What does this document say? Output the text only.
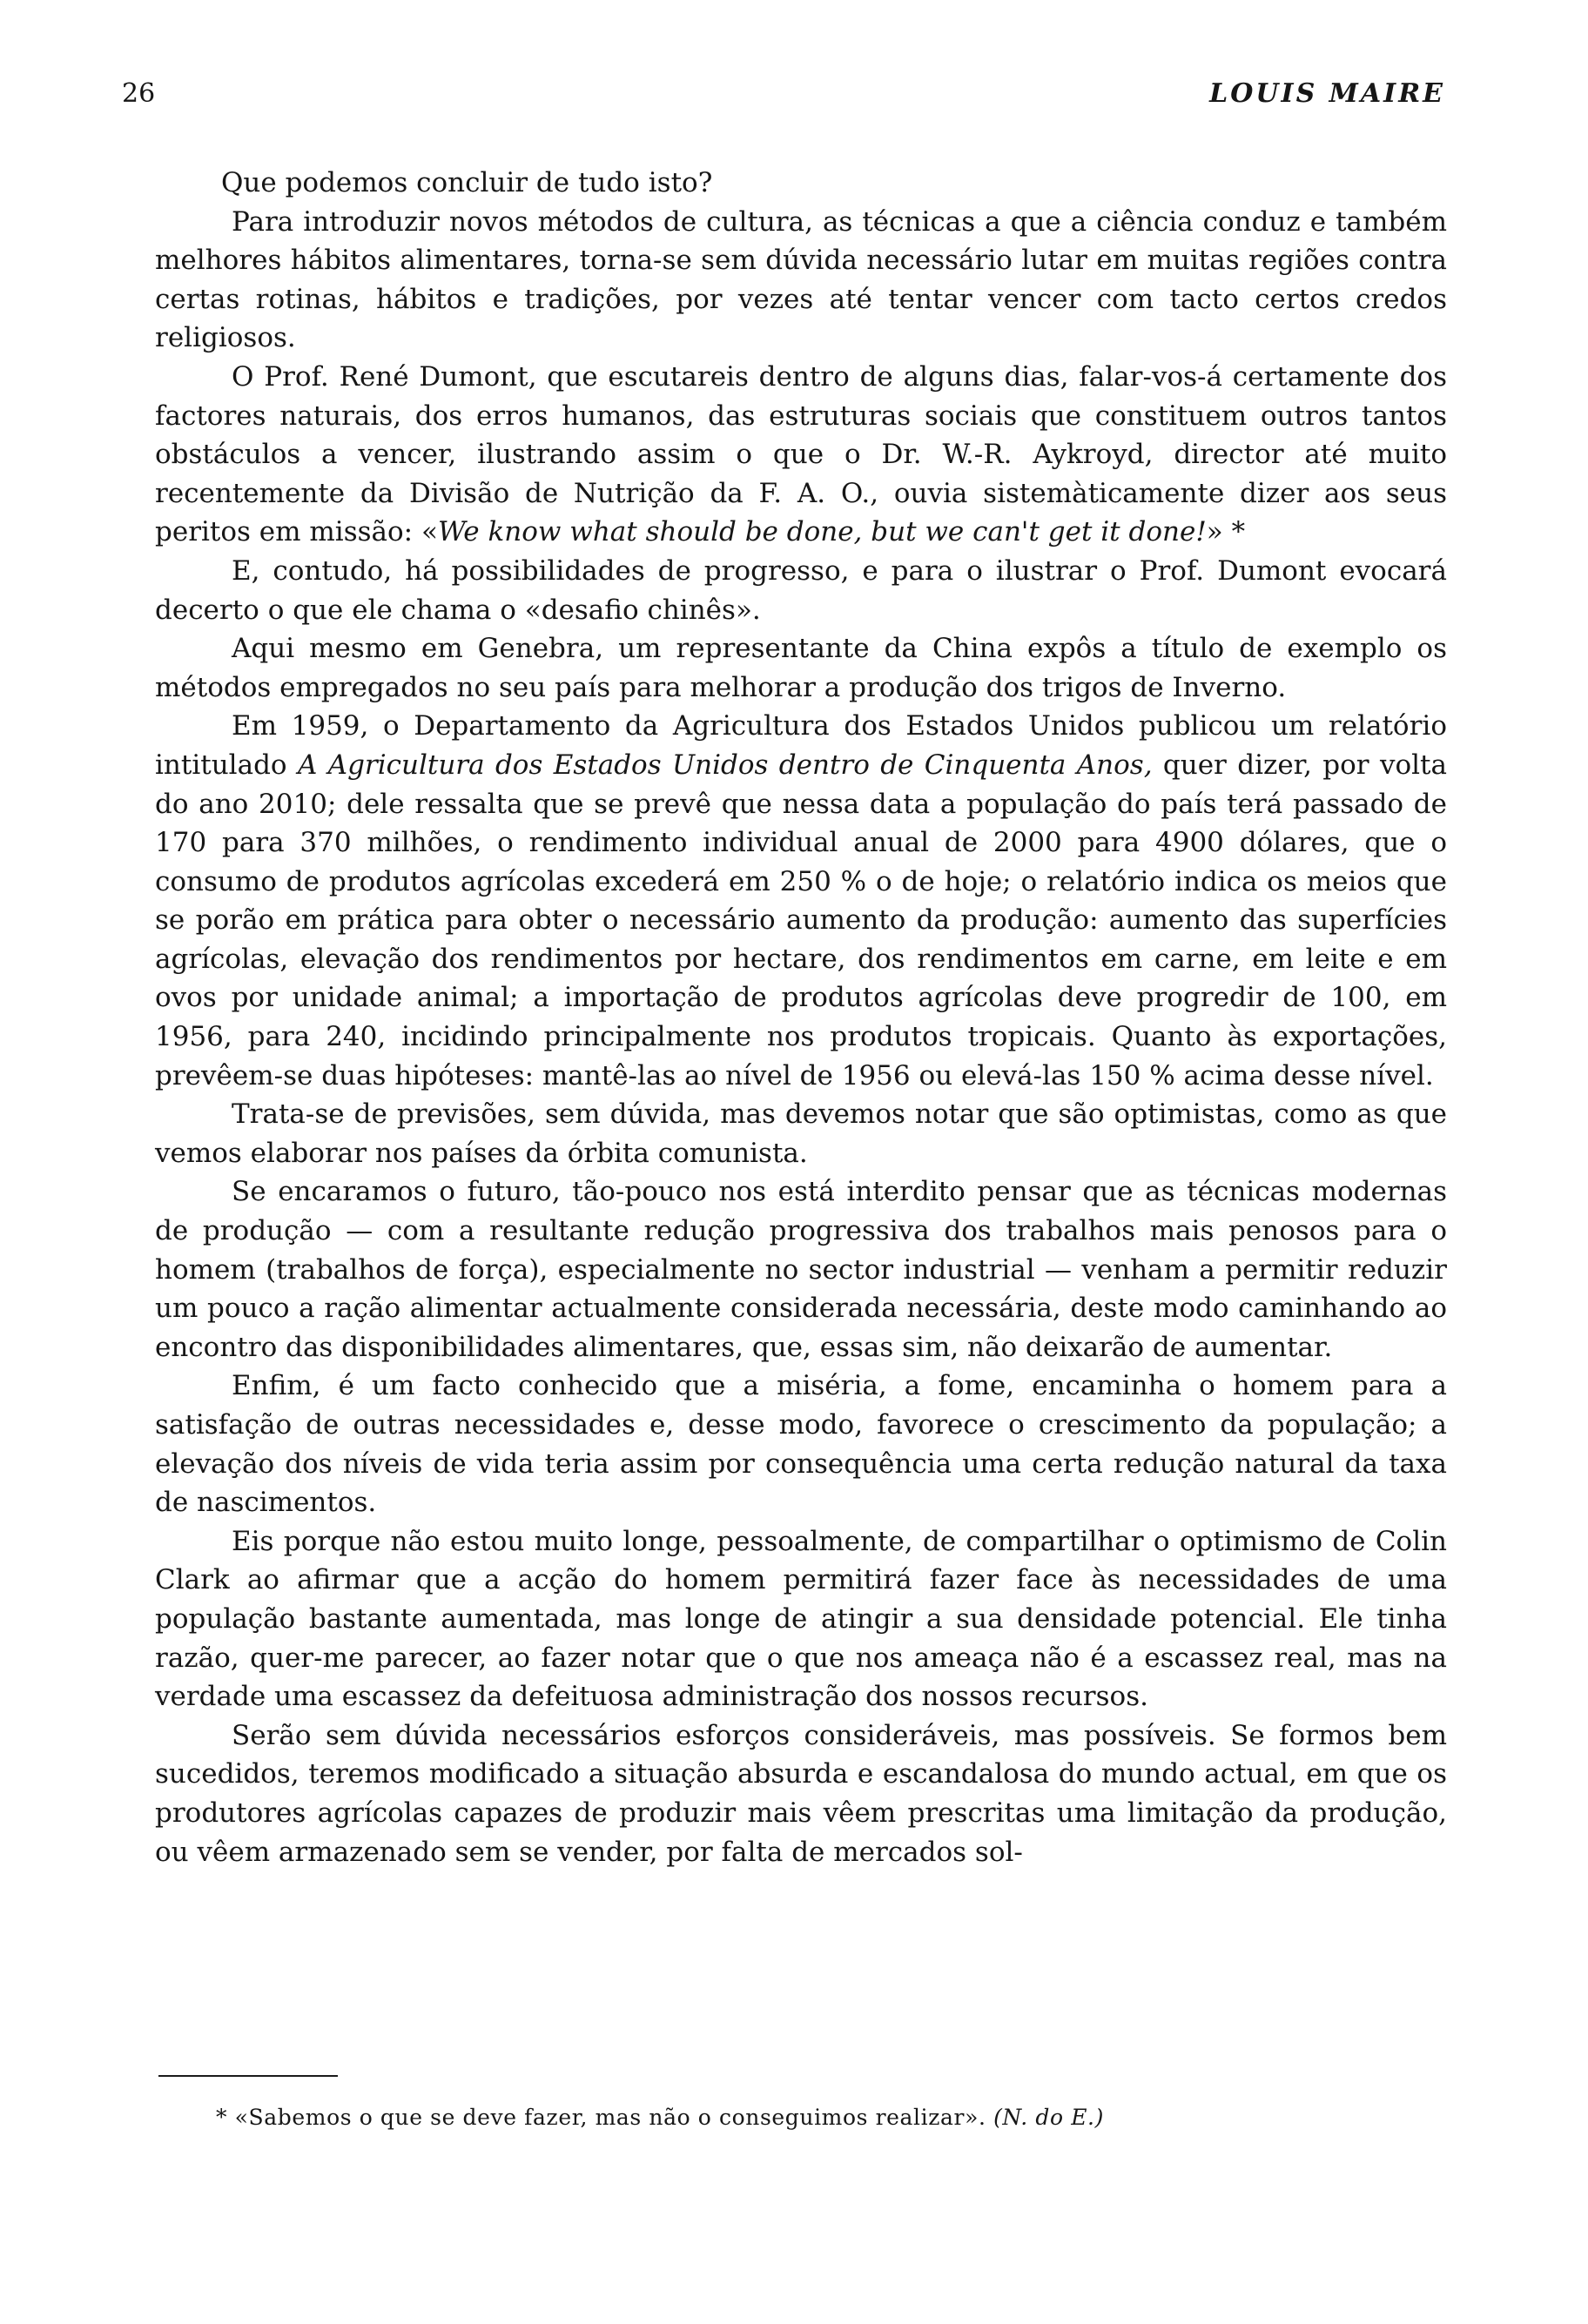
26	LOUIS MAIRE

Que podemos concluir de tudo isto?

Para introduzir novos métodos de cultura, as técnicas a que a ciência conduz e também melhores hábitos alimentares, torna-se sem dúvida necessário lutar em muitas regiões contra certas rotinas, hábitos e tradições, por vezes até tentar vencer com tacto certos credos religiosos.

O Prof. René Dumont, que escutareis dentro de alguns dias, falar-vos-á certamente dos factores naturais, dos erros humanos, das estruturas sociais que constituem outros tantos obstáculos a vencer, ilustrando assim o que o Dr. W.-R. Aykroyd, director até muito recentemente da Divisão de Nutrição da F. A. O., ouvia sistemàticamente dizer aos seus peritos em missão: «We know what should be done, but we can't get it done!» *

E, contudo, há possibilidades de progresso, e para o ilustrar o Prof. Dumont evocará decerto o que ele chama o «desafio chinês».

Aqui mesmo em Genebra, um representante da China expôs a título de exemplo os métodos empregados no seu país para melhorar a produção dos trigos de Inverno.

Em 1959, o Departamento da Agricultura dos Estados Unidos publicou um relatório intitulado A Agricultura dos Estados Unidos dentro de Cinquenta Anos, quer dizer, por volta do ano 2010; dele ressalta que se prevê que nessa data a população do país terá passado de 170 para 370 milhões, o rendimento individual anual de 2000 para 4900 dólares, que o consumo de produtos agrícolas excederá em 250 % o de hoje; o relatório indica os meios que se porão em prática para obter o necessário aumento da produção: aumento das superfícies agrícolas, elevação dos rendimentos por hectare, dos rendimentos em carne, em leite e em ovos por unidade animal; a importação de produtos agrícolas deve progredir de 100, em 1956, para 240, incidindo principalmente nos produtos tropicais. Quanto às exportações, prevêem-se duas hipóteses: mantê-las ao nível de 1956 ou elevá-las 150 % acima desse nível.

Trata-se de previsões, sem dúvida, mas devemos notar que são optimistas, como as que vemos elaborar nos países da órbita comunista.

Se encaramos o futuro, tão-pouco nos está interdito pensar que as técnicas modernas de produção — com a resultante redução progressiva dos trabalhos mais penosos para o homem (trabalhos de força), especialmente no sector industrial — venham a permitir reduzir um pouco a ração alimentar actualmente considerada necessária, deste modo caminhando ao encontro das disponibilidades alimentares, que, essas sim, não deixarão de aumentar.

Enfim, é um facto conhecido que a miséria, a fome, encaminha o homem para a satisfação de outras necessidades e, desse modo, favorece o crescimento da população; a elevação dos níveis de vida teria assim por consequência uma certa redução natural da taxa de nascimentos.

Eis porque não estou muito longe, pessoalmente, de compartilhar o optimismo de Colin Clark ao afirmar que a acção do homem permitirá fazer face às necessidades de uma população bastante aumentada, mas longe de atingir a sua densidade potencial. Ele tinha razão, quer-me parecer, ao fazer notar que o que nos ameaça não é a escassez real, mas na verdade uma escassez da defeituosa administração dos nossos recursos.

Serão sem dúvida necessários esforços consideráveis, mas possíveis. Se formos bem sucedidos, teremos modificado a situação absurda e escandalosa do mundo actual, em que os produtores agrícolas capazes de produzir mais vêem prescritas uma limitação da produção, ou vêem armazenado sem se vender, por falta de mercados sol-

* «Sabemos o que se deve fazer, mas não o conseguimos realizar». (N. do E.)
